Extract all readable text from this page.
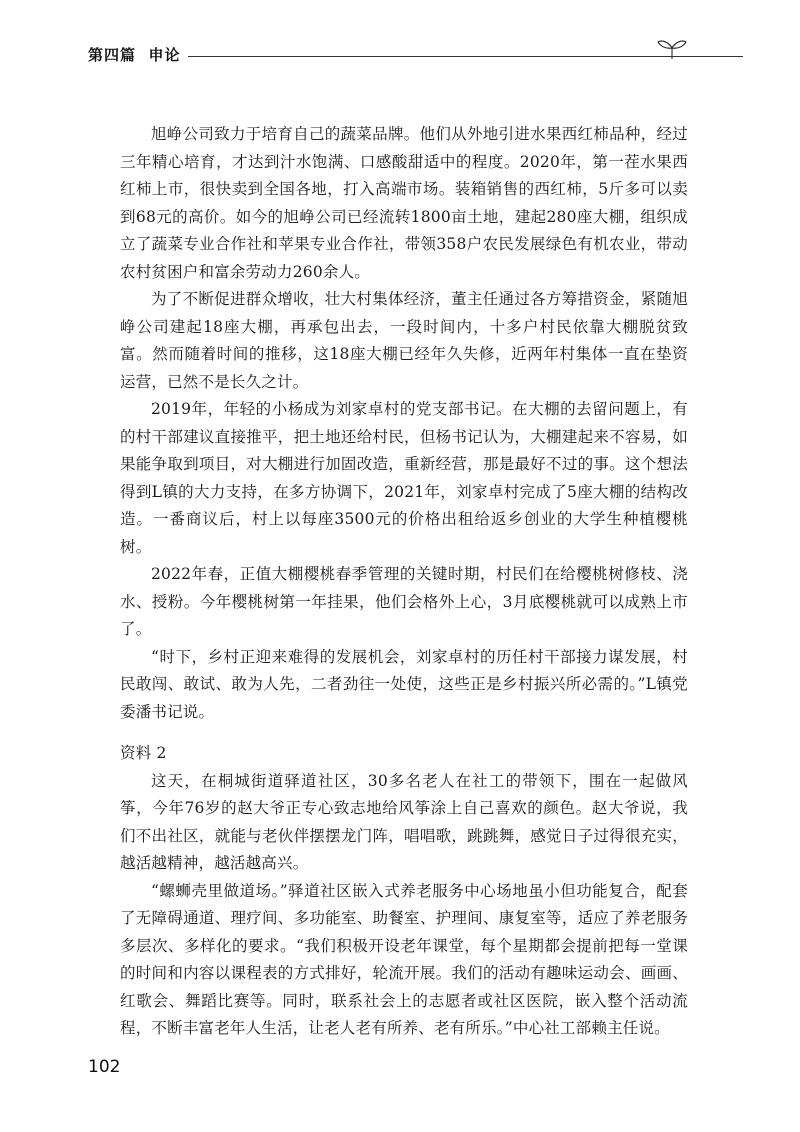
第四篇 申论

旭峥公司致力于培育自己的蔬菜品牌。他们从外地引进水果西红柿品种，经过三年精心培育，才达到汁水饱满、口感酸甜适中的程度。2020年，第一茬水果西红柿上市，很快卖到全国各地，打入高端市场。装箱销售的西红柿，5斤多可以卖到68元的高价。如今的旭峥公司已经流转1800亩土地，建起280座大棚，组织成立了蔬菜专业合作社和苹果专业合作社，带领358户农民发展绿色有机农业，带动农村贫困户和富余劳动力260余人。

为了不断促进群众增收，壮大村集体经济，董主任通过各方筹措资金，紧随旭峥公司建起18座大棚，再承包出去，一段时间内，十多户村民依靠大棚脱贫致富。然而随着时间的推移，这18座大棚已经年久失修，近两年村集体一直在垫资运营，已然不是长久之计。

2019年，年轻的小杨成为刘家卓村的党支部书记。在大棚的去留问题上，有的村干部建议直接推平，把土地还给村民，但杨书记认为，大棚建起来不容易，如果能争取到项目，对大棚进行加固改造，重新经营，那是最好不过的事。这个想法得到L镇的大力支持，在多方协调下，2021年，刘家卓村完成了5座大棚的结构改造。一番商议后，村上以每座3500元的价格出租给返乡创业的大学生种植樱桃树。

2022年春，正值大棚樱桃春季管理的关键时期，村民们在给樱桃树修枝、浇水、授粉。今年樱桃树第一年挂果，他们会格外上心，3月底樱桃就可以成熟上市了。

“时下，乡村正迎来难得的发展机会，刘家卓村的历任村干部接力谋发展，村民敢闯、敢试、敢为人先，二者劲往一处使，这些正是乡村振兴所必需的。”L镇党委潘书记说。

资料 2

这天，在桐城街道驿道社区，30多名老人在社工的带领下，围在一起做风筝，今年76岁的赵大爷正专心致志地给风筝涂上自己喜欢的颜色。赵大爷说，我们不出社区，就能与老伙伴摆摆龙门阵，唱唱歌，跳跳舞，感觉日子过得很充实，越活越精神，越活越高兴。

“螺蛳壳里做道场。”驿道社区嵌入式养老服务中心场地虽小但功能复合，配套了无障碍通道、理疗间、多功能室、助餐室、护理间、康复室等，适应了养老服务多层次、多样化的要求。“我们积极开设老年课堂，每个星期都会提前把每一堂课的时间和内容以课程表的方式排好，轮流开展。我们的活动有趣味运动会、画画、红歌会、舞蹈比赛等。同时，联系社会上的志愿者或社区医院，嵌入整个活动流程，不断丰富老年人生活，让老人老有所养、老有所乐。”中心社工部赖主任说。

102
